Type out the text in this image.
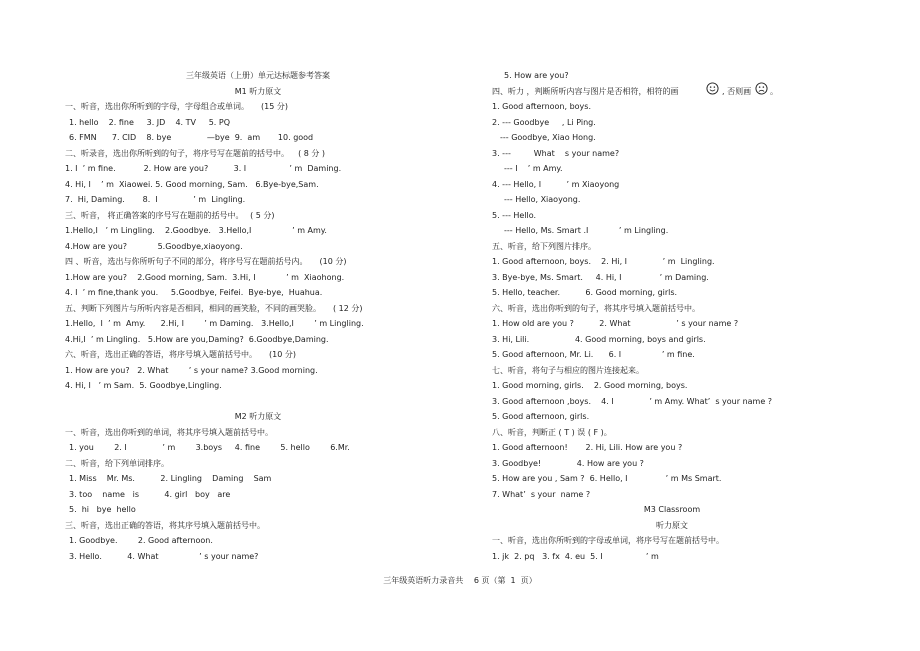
三年级英语（上册）单元达标题参考答案
M1 听力原文
一、听音，选出你所听到的字母，字母组合或单词。　　(15 分)
1. hello    2. fine     3. JD    4. TV     5. PQ
6. FMN      7. CID    8. bye              —bye  9.  am       10. good
二、听录音，选出你所听到的句子，将序号写在题前的括号中。　  ( 8 分 )
1. I  ’ m fine.           2. How are you?          3. I                 ’ m  Daming.
4. Hi, I    ’ m  Xiaowei. 5. Good morning, Sam.   6.Bye-bye,Sam.
7.  Hi, Daming.       8.  I              ’ m  Lingling.
三、听音， 将正确答案的序号写在题前的括号中。　 ( 5 分)
1.Hello,I   ’ m Lingling.    2.Goodbye.   3.Hello,I                ’ m Amy.
4.How are you?            5.Goodbye,xiaoyong.
四 、听音，选出与你所听句子不同的部分，将序号写在题前括号内。　　(10 分)
1.How are you?    2.Good morning, Sam.  3.Hi, I            ’ m  Xiaohong.
4. I  ’ m fine,thank you.     5.Goodbye, Feifei.  Bye-bye,  Huahua.
五、判断下列图片与所听内容是否相同，相同的画笑脸，不同的画哭脸。　　( 12 分)
1.Hello,  I  ’ m  Amy.      2.Hi, I        ’ m Daming.   3.Hello,I        ’ m Lingling.
4.Hi,I  ’ m Lingling.   5.How are you,Daming?  6.Goodbye,Daming.
六、听音，选出正确的答语，将序号填入题前括号中。　　(10 分)
1. How are you?   2. What        ’ s your name? 3.Good morning.
4. Hi, I   ’ m Sam.  5. Goodbye,Lingling.
M2 听力原文
一、听音，选出你听到的单词，将其序号填入题前括号中。
1. you        2. I              ’ m        3.boys     4. fine        5. hello        6.Mr.
二、听音，给下列单词排序。
1. Miss    Mr. Ms.          2. Lingling    Daming    Sam
3. too    name   is          4. girl   boy   are
5.  hi   bye  hello
三、听音，选出正确的答语，将其序号填入题前括号中。
1. Goodbye.        2. Good afternoon.
3. Hello.          4. What                ’ s your name?
5. How are you?
四、听力 ，判断所听内容与图片是否相符，相符的画	, 否则画 。
1. Good afternoon, boys.
2. --- Goodbye     , Li Ping.
--- Goodbye, Xiao Hong.
3. ---         What    s your name?
--- I    ’ m Amy.
4. --- Hello, I          ’ m Xiaoyong
--- Hello, Xiaoyong.
5. --- Hello.
--- Hello, Ms. Smart .I            ’ m Lingling.
五、听音，给下列图片排序。
1. Good afternoon, boys.    2. Hi, I              ’ m  Lingling.
3. Bye-bye, Ms. Smart.     4. Hi, I               ’ m Daming.
5. Hello, teacher.          6. Good morning, girls.
六、听音，选出你听到的句子，将其序号填入题前括号中。
1. How old are you ?          2. What                  ’ s your name ?
3. Hi, Lili.                  4. Good morning, boys and girls.
5. Good afternoon, Mr. Li.      6. I                ’ m fine.
七、听音，将句子与相应的图片连接起来。
1. Good morning, girls.    2. Good morning, boys.
3. Good afternoon ,boys.    4. I              ’ m Amy. What’  s your name ?
5. Good afternoon, girls.
八、听音，判断正 ( T ) 误 ( F )。
1. Good afternoon!       2. Hi, Lili. How are you ?
3. Goodbye!              4. How are you ?
5. How are you , Sam ?  6. Hello, I               ’ m Ms Smart.
7. What’  s your  name ?
M3 Classroom
听力原文
一、听音，选出你所听到的字母或单词，将序号写在题前括号中。
1. jk  2. pq   3. fx  4. eu  5. I                 ’ m
三年级英语听力录音共　 6 页（第  1  页）
